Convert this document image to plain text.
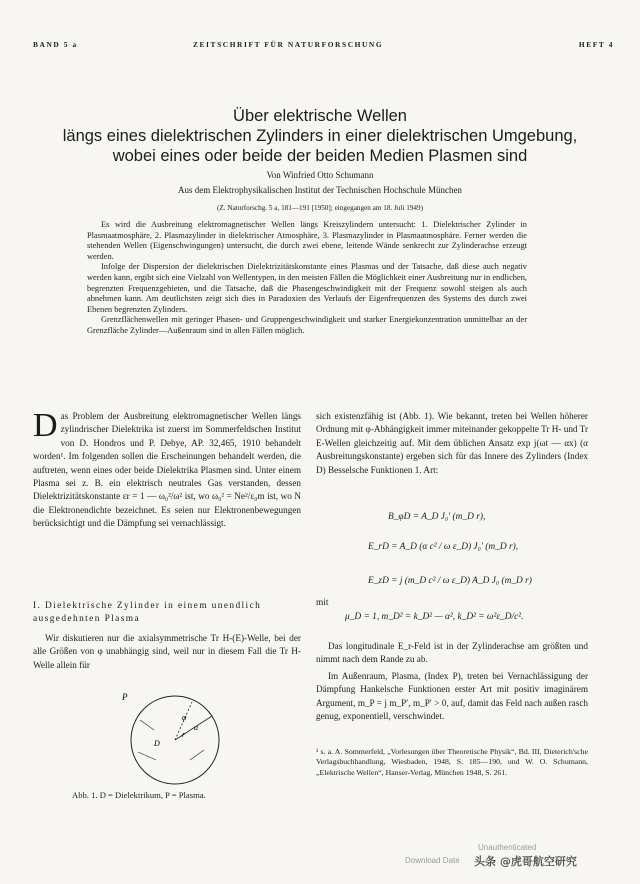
BAND 5 a	ZEITSCHRIFT FÜR NATURFORSCHUNG	HEFT 4
Über elektrische Wellen
längs eines dielektrischen Zylinders in einer dielektrischen Umgebung,
wobei eines oder beide der beiden Medien Plasmen sind
Von Winfried Otto Schumann
Aus dem Elektrophysikalischen Institut der Technischen Hochschule München
(Z. Naturforschg. 5 a, 181—191 [1950]; eingegangen am 18. Juli 1949)

Es wird die Ausbreitung elektromagnetischer Wellen längs Kreiszylindern untersucht: 1. Dielektrischer Zylinder in Plasmaatmosphäre, 2. Plasmazylinder in dielektrischer Atmosphäre, 3. Plasmazylinder in Plasmaatmosphäre. Ferner werden die stehenden Wellen (Eigenschwingungen) untersucht, die durch zwei ebene, leitende Wände senkrecht zur Zylinderachse erzeugt werden.

Infolge der Dispersion der dielektrischen Dielektrizitätskonstante eines Plasmas und der Tatsache, daß diese auch negativ werden kann, ergibt sich eine Vielzahl von Wellentypen, in den meisten Fällen die Möglichkeit einer Ausbreitung nur in endlichen, begrenzten Frequenzgebieten, und die Tatsache, daß die Phasengeschwindigkeit mit der Frequenz sowohl steigen als auch abnehmen kann. Am deutlichsten zeigt sich dies in Paradoxien des Verlaufs der Eigenfrequenzen des Systems des durch zwei Ebenen begrenzten Zylinders.

Grenzflächenwellen mit geringer Phasen- und Gruppengeschwindigkeit und starker Energiekonzentration unmittelbar an der Grenzfläche Zylinder—Außenraum sind in allen Fällen möglich.

D as Problem der Ausbreitung elektromagnetischer Wellen längs zylindrischer Dielektrika ist zuerst im Sommerfeldschen Institut von D. Hondros und P. Debye, AP. 32,465, 1910 behandelt worden¹. Im folgenden sollen die Erscheinungen behandelt werden, die auftreten, wenn eines oder beide Dielektrika Plasmen sind. Unter einem Plasma sei z. B. ein elektrisch neutrales Gas verstanden, dessen Dielektrizitätskonstante εr = 1 — ω₀²/ω² ist, wo ω₀² = Ne²/ε₀m ist, wo N die Elektronendichte bezeichnet. Es seien nur Elektronenbewegungen berücksichtigt und die Dämpfung sei vernachlässigt.

I. Dielektrische Zylinder in einem unendlich ausgedehnten Plasma

Wir diskutieren nur die axialsymmetrische Tr H-(E)-Welle, bei der alle Größen von φ unabhängig sind, weil nur in diesem Fall die Tr H-Welle allein für

P
D
a
φ
r
Abb. 1. D = Dielektrikum, P = Plasma.

sich existenzfähig ist (Abb. 1). Wie bekannt, treten bei Wellen höherer Ordnung mit φ-Abhängigkeit immer miteinander gekoppelte Tr H- und Tr E-Wellen gleichzeitig auf. Mit dem üblichen Ansatz exp j(ωt — αx) (α Ausbreitungskonstante) ergeben sich für das Innere des Zylinders (Index D) Besselsche Funktionen 1. Art:

B_φD = A_D J₀′ (m_D r),
E_rD = A_D (α c² / ω ε_D) J₀′ (m_D r),
E_zD = j (m_D c² / ω ε_D) A_D J₀ (m_D r)
mit
μ_D = 1, m_D² = k_D² — α², k_D² = ω²ε_D/c².

Das longitudinale E_r-Feld ist in der Zylinderachse am größten und nimmt nach dem Rande zu ab.

Im Außenraum, Plasma, (Index P), treten bei Vernachlässigung der Dämpfung Hankelsche Funktionen erster Art mit positiv imaginärem Argument, m_P = j m_P′, m_P′ > 0, auf, damit das Feld nach außen rasch genug, exponentiell, verschwindet.

¹ s. a. A. Sommerfeld, „Vorlesungen über Theoretische Physik“, Bd. III, Dieterich'sche Verlagsbuchhandlung, Wiesbaden, 1948, S. 185—190, und W. O. Schumann, „Elektrische Wellen“, Hanser-Verlag, München 1948, S. 261.
Unauthenticated
Download Date 头条 @虎哥航空研究
